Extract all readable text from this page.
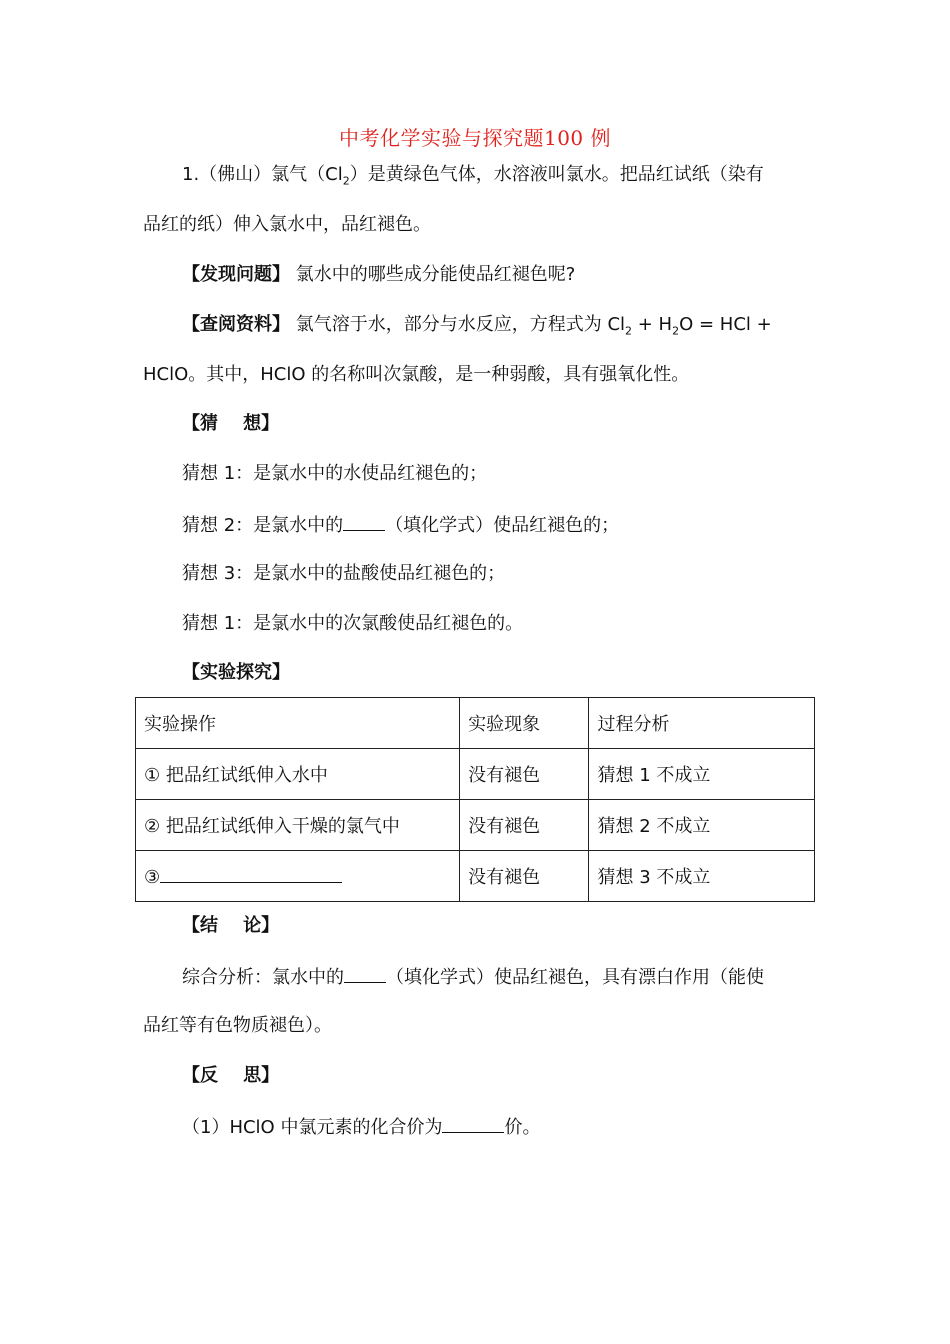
中考化学实验与探究题100 例
1.（佛山）氯气$(Cl_2)$是黄绿色气体，水溶液叫氯水。把品红试纸（染有
品红的纸）伸入氯水中，品红褪色。
【发现问题】 氯水中的哪些成分能使品红褪色呢?
【查阅资料】 氯气溶于水，部分与水反应，方程式为 $Cl_2 + H_2O$ = HCl +
HClO。其中，HClO 的名称叫次氯酸，是一种弱酸，具有强氧化性。
【猜    想】
猜想 1：是氯水中的水使品红褪色的；
猜想 2：是氯水中的 （填化学式）使品红褪色的；
猜想 3：是氯水中的盐酸使品红褪色的；
猜想 1：是氯水中的次氯酸使品红褪色的。
【实验探究】
实验操作	实验现象	过程分析
① 把品红试纸伸入水中	没有褪色	猜想 1 不成立
② 把品红试纸伸入干燥的氯气中	没有褪色	猜想 2 不成立
③	没有褪色	猜想 3 不成立
【结    论】
综合分析：氯水中的 （填化学式）使品红褪色，具有漂白作用（能使
品红等有色物质褪色）。
【反    思】
（1）HClO 中氯元素的化合价为	价。
